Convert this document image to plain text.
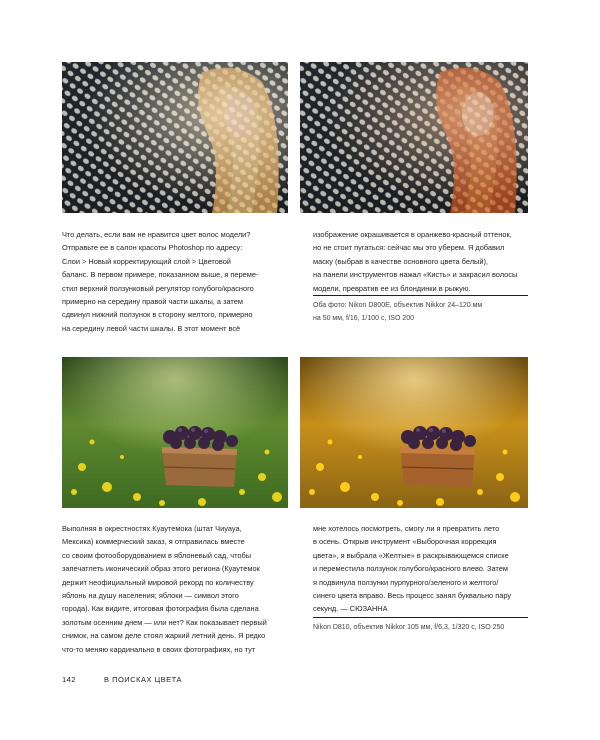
Что делать, если вам не нравится цвет волос модели?

Отправьте ее в салон красоты Photoshop по адресу:

Слои > Новый корректирующий слой > Цветовой

баланс. В первом примере, показанном выше, я переме-

стил верхний ползунковый регулятор голубого/красного

примерно на середину правой части шкалы, а затем

сдвинул нижний ползунок в сторону желтого, примерно

на середину левой части шкалы. В этот момент всё

изображение окрашивается в оранжево-красный оттенок,

но не стоит пугаться: сейчас мы это уберем. Я добавил

маску (выбрав в качестве основного цвета белый),

на панели инструментов нажал «Кисть» и закрасил волосы

модели, превратив ее из блондинки в рыжую.

Оба фото: Nikon D800E, объектив Nikkor 24–120 мм
на 50 мм, f/16, 1/100 с, ISO 200

Выполняя в окрестностях Куаутемока (штат Чиуауа,

Мексика) коммерческий заказ, я отправилась вместе

со своим фотооборудованием в яблоневый сад, чтобы

запечатлеть иконический образ этого региона (Куаутемок

держит неофициальный мировой рекорд по количеству

яблонь на душу населения; яблоки — символ этого

города). Как видите, итоговая фотография была сделана

золотым осенним днем — или нет? Как показывает первый

снимок, на самом деле стоял жаркий летний день. Я редко

что-то меняю кардинально в своих фотографиях, но тут

мне хотелось посмотреть, смогу ли я превратить лето

в осень. Открыв инструмент «Выборочная коррекция

цвета», я выбрала «Желтые» в раскрывающемся списке

и переместила ползунок голубого/красного влево. Затем

я подвинула ползунки пурпурного/зеленого и желтого/

синего цвета вправо. Весь процесс занял буквально пару

секунд. — СЮЗАННА

Nikon D810, объектив Nikkor 105 мм, f/6,3, 1/320 с, ISO 250
142	В ПОИСКАХ ЦВЕТА
